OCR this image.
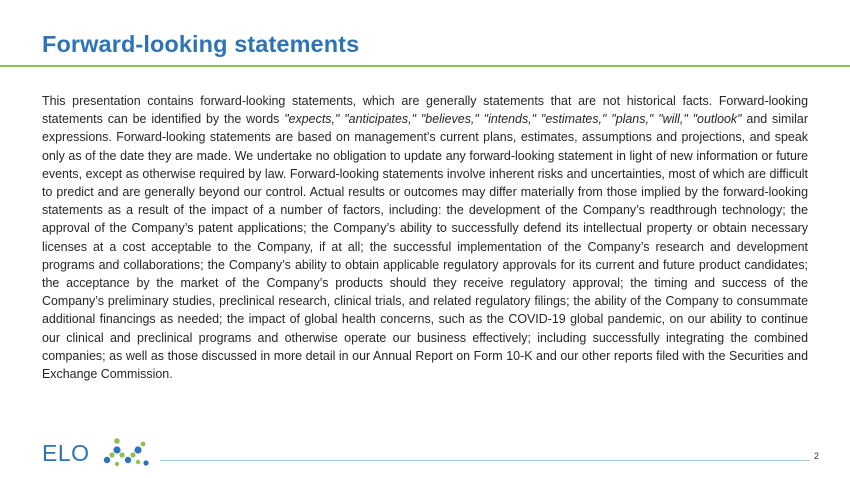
Forward-looking statements

This presentation contains forward-looking statements, which are generally statements that are not historical facts. Forward-looking statements can be identified by the words "expects," "anticipates," "believes," "intends," "estimates," "plans," "will," "outlook" and similar expressions. Forward-looking statements are based on management's current plans, estimates, assumptions and projections, and speak only as of the date they are made. We undertake no obligation to update any forward-looking statement in light of new information or future events, except as otherwise required by law. Forward-looking statements involve inherent risks and uncertainties, most of which are difficult to predict and are generally beyond our control. Actual results or outcomes may differ materially from those implied by the forward-looking statements as a result of the impact of a number of factors, including: the development of the Company’s readthrough technology; the approval of the Company’s patent applications; the Company’s ability to successfully defend its intellectual property or obtain necessary licenses at a cost acceptable to the Company, if at all; the successful implementation of the Company’s research and development programs and collaborations; the Company’s ability to obtain applicable regulatory approvals for its current and future product candidates; the acceptance by the market of the Company’s products should they receive regulatory approval; the timing and success of the Company’s preliminary studies, preclinical research, clinical trials, and related regulatory filings; the ability of the Company to consummate additional financings as needed; the impact of global health concerns, such as the COVID-19 global pandemic, on our ability to continue our clinical and preclinical programs and otherwise operate our business effectively; including successfully integrating the combined companies; as well as those discussed in more detail in our Annual Report on Form 10-K and our other reports filed with the Securities and Exchange Commission.

ELO	2
